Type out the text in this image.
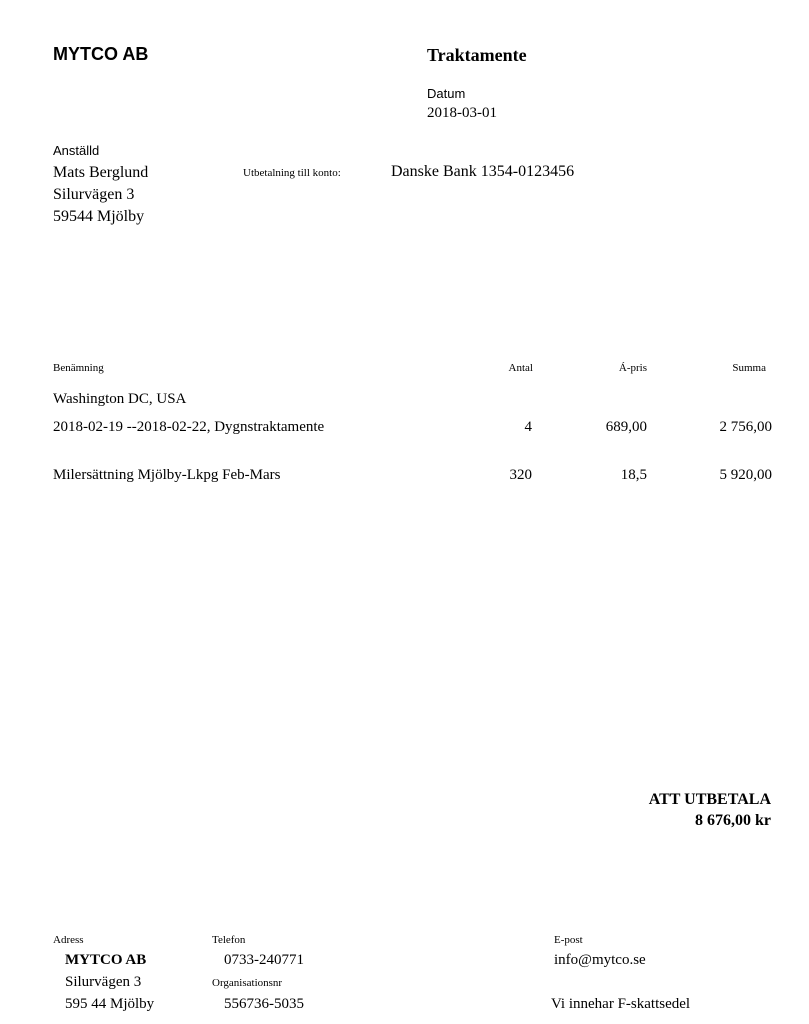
MYTCO AB	Traktamente
Datum
2018-03-01
Anställd
Mats Berglund
Silurvägen 3
59544 Mjölby
Utbetalning till konto:	Danske Bank 1354-0123456
Benämning	Antal	Á-pris	Summa
Washington DC, USA
2018-02-19 --2018-02-22, Dygnstraktamente	4	689,00	2 756,00
Milersättning Mjölby-Lkpg Feb-Mars	320	18,5	5 920,00
ATT UTBETALA
8 676,00 kr
Adress
MYTCO AB
Silurvägen 3
595 44 Mjölby
Telefon
0733-240771
Organisationsnr
556736-5035
E-post
info@mytco.se
Vi innehar F-skattsedel
